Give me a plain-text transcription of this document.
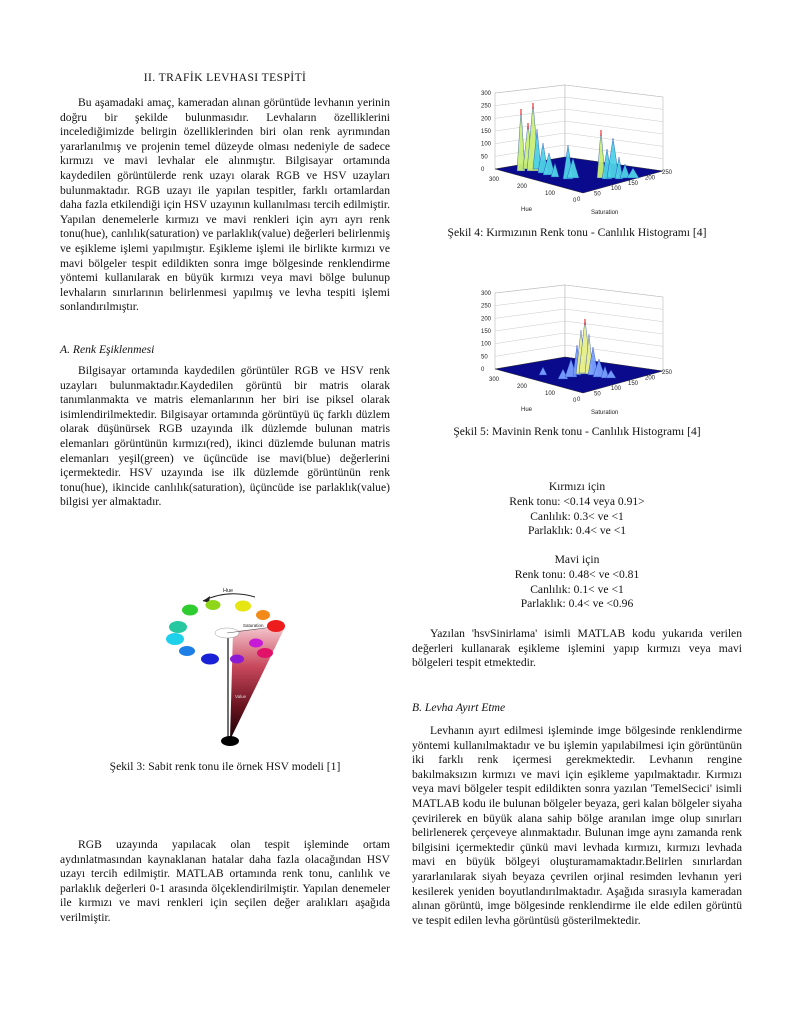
II. TRAFİK LEVHASI TESPİTİ

Bu aşamadaki amaç, kameradan alınan görüntüde levhanın yerinin doğru bir şekilde bulunmasıdır. Levhaların özelliklerini incelediğimizde belirgin özelliklerinden biri olan renk ayrımından yararlanılmış ve projenin temel düzeyde olması nedeniyle de sadece kırmızı ve mavi levhalar ele alınmıştır. Bilgisayar ortamında kaydedilen görüntülerde renk uzayı olarak RGB ve HSV uzayları bulunmaktadır. RGB uzayı ile yapılan tespitler, farklı ortamlardan daha fazla etkilendiği için HSV uzayının kullanılması tercih edilmiştir. Yapılan denemelerle kırmızı ve mavi renkleri için ayrı ayrı renk tonu(hue), canlılık(saturation) ve parlaklık(value) değerleri belirlenmiş ve eşikleme işlemi yapılmıştır. Eşikleme işlemi ile birlikte kırmızı ve mavi bölgeler tespit edildikten sonra imge bölgesinde renklendirme yöntemi kullanılarak en büyük kırmızı veya mavi bölge bulunup levhaların sınırlarının belirlenmesi yapılmış ve levha tespiti işlemi sonlandırılmıştır.

A. Renk Eşiklenmesi

Bilgisayar ortamında kaydedilen görüntüler RGB ve HSV renk uzayları bulunmaktadır.Kaydedilen görüntü bir matris olarak tanımlanmakta ve matris elemanlarının her biri ise piksel olarak isimlendirilmektedir. Bilgisayar ortamında görüntüyü üç farklı düzlem olarak düşünürsek RGB uzayında ilk düzlemde bulunan matris elemanları görüntünün kırmızı(red), ikinci düzlemde bulunan matris elemanları yeşil(green) ve üçüncüde ise mavi(blue) değerlerini içermektedir. HSV uzayında ise ilk düzlemde görüntünün renk tonu(hue), ikincide canlılık(saturation), üçüncüde ise parlaklık(value) bilgisi yer almaktadır.

Hue
Value
Saturation
Şekil 3: Sabit renk tonu ile örnek HSV modeli [1]

RGB uzayında yapılacak olan tespit işleminde ortam aydınlatmasından kaynaklanan hatalar daha fazla olacağından HSV uzayı tercih edilmiştir. MATLAB ortamında renk tonu, canlılık ve parlaklık değerleri 0-1 arasında ölçeklendirilmiştir. Yapılan denemeler ile kırmızı ve mavi renkleri için seçilen değer aralıkları aşağıda verilmiştir.

0
50
100
150
200
250
300
300
200
100
0
Hue
0
50
100
150
200
250
Saturation
Şekil 4: Kırmızının Renk tonu - Canlılık Histogramı [4]
0
50
100
150
200
250
300
300
200
100
0
Hue
0
50
100
150
200
250
Saturation
Şekil 5: Mavinin Renk tonu - Canlılık Histogramı [4]
Kırmızı için
Renk tonu: <0.14 veya 0.91>
Canlılık: 0.3< ve <1
Parlaklık: 0.4< ve <1
Mavi için
Renk tonu: 0.48< ve <0.81
Canlılık: 0.1< ve <1
Parlaklık: 0.4< ve <0.96

Yazılan 'hsvSinirlama' isimli MATLAB kodu yukarıda verilen değerleri kullanarak eşikleme işlemini yapıp kırmızı veya mavi bölgeleri tespit etmektedir.

B. Levha Ayırt Etme

Levhanın ayırt edilmesi işleminde imge bölgesinde renklendirme yöntemi kullanılmaktadır ve bu işlemin yapılabilmesi için görüntünün iki farklı renk içermesi gerekmektedir. Levhanın rengine bakılmaksızın kırmızı ve mavi için eşikleme yapılmaktadır. Kırmızı veya mavi bölgeler tespit edildikten sonra yazılan 'TemelSecici' isimli MATLAB kodu ile bulunan bölgeler beyaza, geri kalan bölgeler siyaha çevirilerek en büyük alana sahip bölge aranılan imge olup sınırları belirlenerek çerçeveye alınmaktadır. Bulunan imge aynı zamanda renk bilgisini içermektedir çünkü mavi levhada kırmızı, kırmızı levhada mavi en büyük bölgeyi oluşturamamaktadır.Belirlen sınırlardan yararlanılarak siyah beyaza çevrilen orjinal resimden levhanın yeri kesilerek yeniden boyutlandırılmaktadır. Aşağıda sırasıyla kameradan alınan görüntü, imge bölgesinde renklendirme ile elde edilen görüntü ve tespit edilen levha görüntüsü gösterilmektedir.
